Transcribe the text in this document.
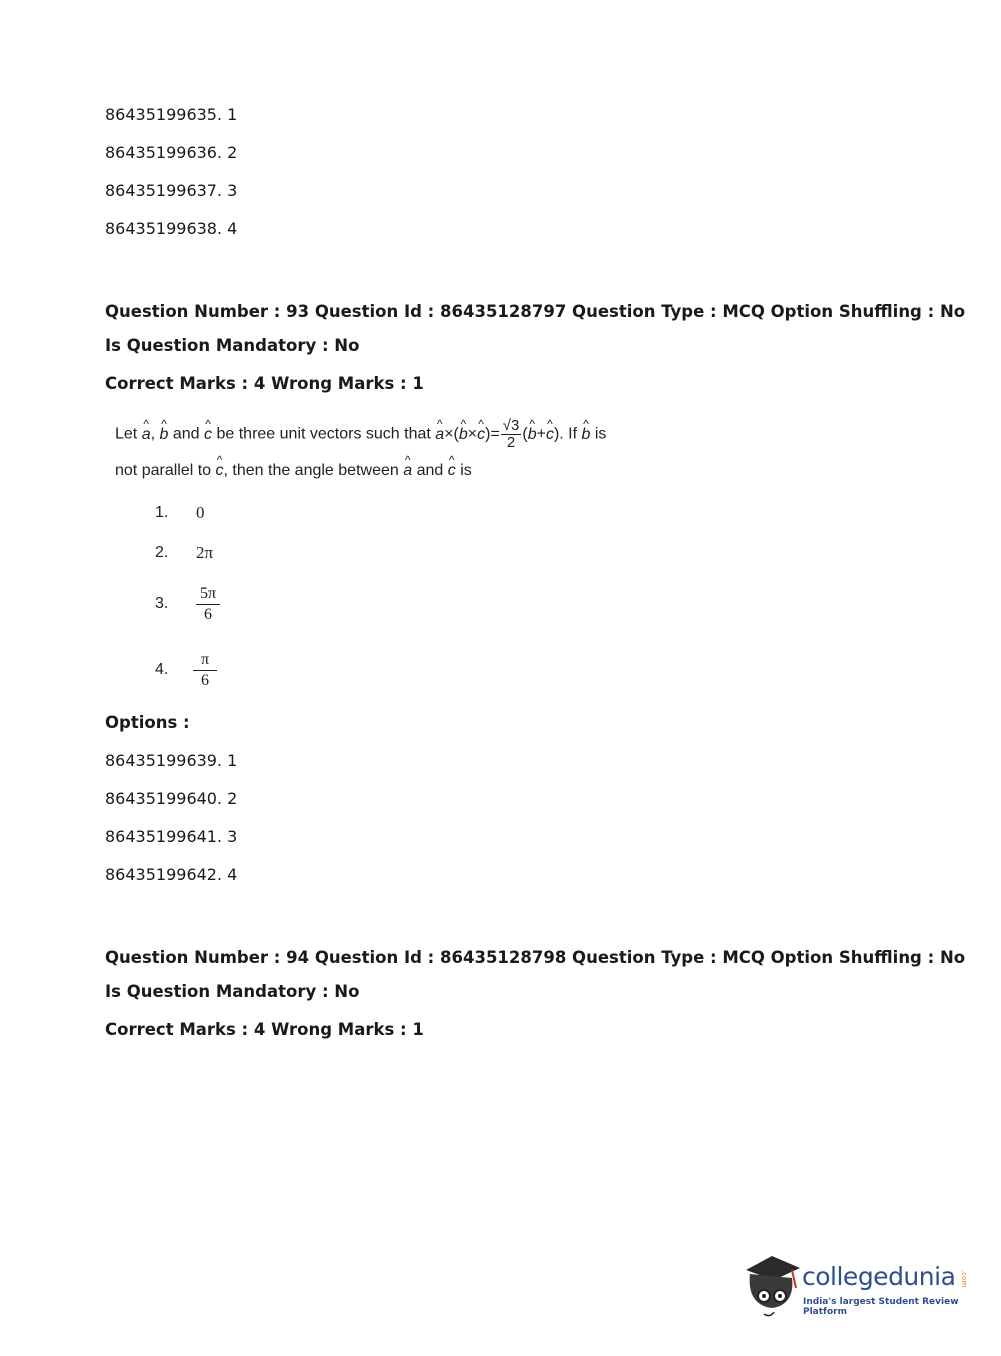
86435199635. 1
86435199636. 2
86435199637. 3
86435199638. 4
Question Number : 93 Question Id : 86435128797 Question Type : MCQ Option Shuffling : No
Is Question Mandatory : No
Correct Marks : 4 Wrong Marks : 1
Let a ^, b ^ and c ^ be three unit vectors such that a ^×(b ^×c ^)= $\frac{√3}{2} (b$ ^+c ^). If b ^ is
not parallel to c ^, then the angle between a ^ and c ^ is
1. 0
2. 2π
3. $\frac{5\pi}{6}$
4. $\frac{\pi}{6}$
Options :
86435199639. 1
86435199640. 2
86435199641. 3
86435199642. 4
Question Number : 94 Question Id : 86435128798 Question Type : MCQ Option Shuffling : No
Is Question Mandatory : No
Correct Marks : 4 Wrong Marks : 1
collegedunia .com
India's largest Student Review Platform
